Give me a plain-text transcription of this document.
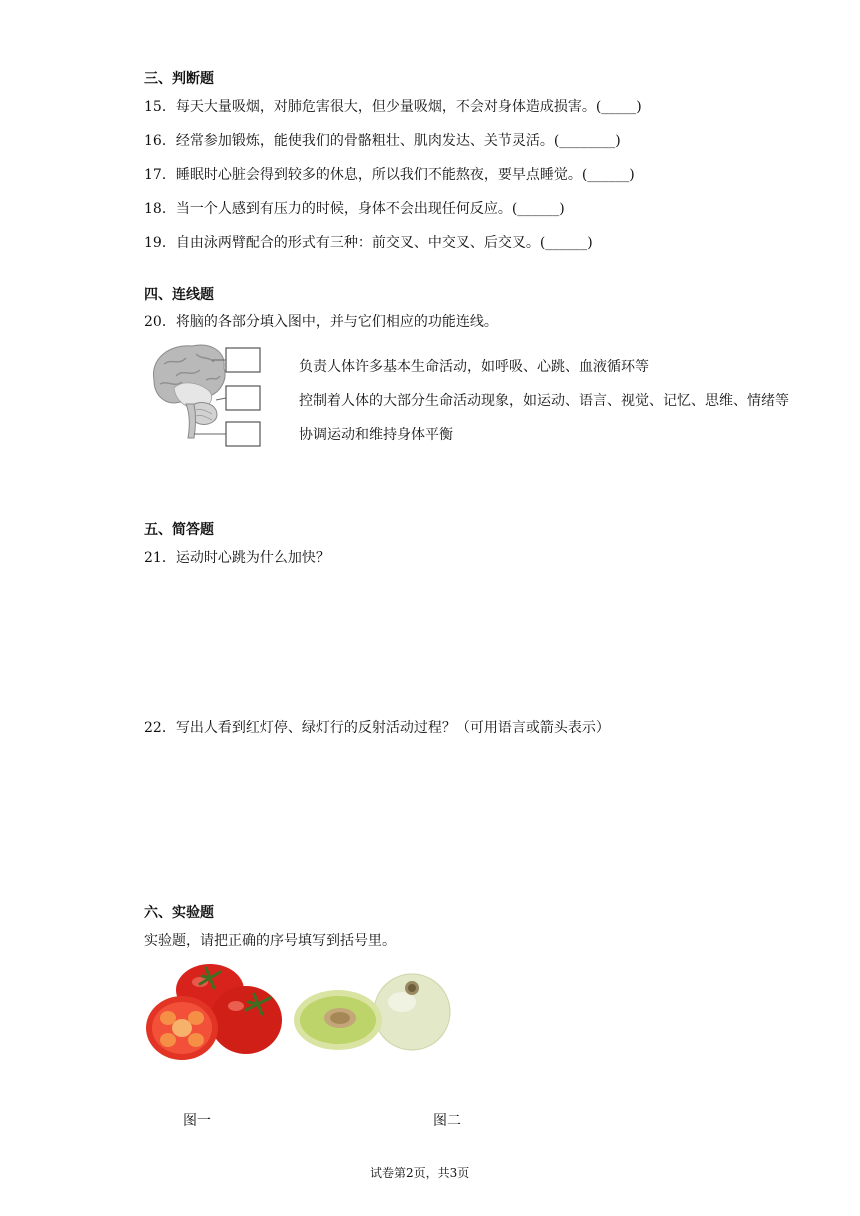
三、判断题
15．每天大量吸烟，对肺危害很大，但少量吸烟，不会对身体造成损害。(_____)
16．经常参加锻炼，能使我们的骨骼粗壮、肌肉发达、关节灵活。(________)
17．睡眠时心脏会得到较多的休息，所以我们不能熬夜，要早点睡觉。(______)
18．当一个人感到有压力的时候，身体不会出现任何反应。(______)
19．自由泳两臂配合的形式有三种：前交叉、中交叉、后交叉。(______)
四、连线题
20．将脑的各部分填入图中，并与它们相应的功能连线。
负责人体许多基本生命活动，如呼吸、心跳、血液循环等
控制着人体的大部分生命活动现象，如运动、语言、视觉、记忆、思维、情绪等
协调运动和维持身体平衡
五、简答题
21．运动时心跳为什么加快？
22．写出人看到红灯停、绿灯行的反射活动过程？（可用语言或箭头表示）
六、实验题
实验题，请把正确的序号填写到括号里。
图一	图二
试卷第2页，共3页
